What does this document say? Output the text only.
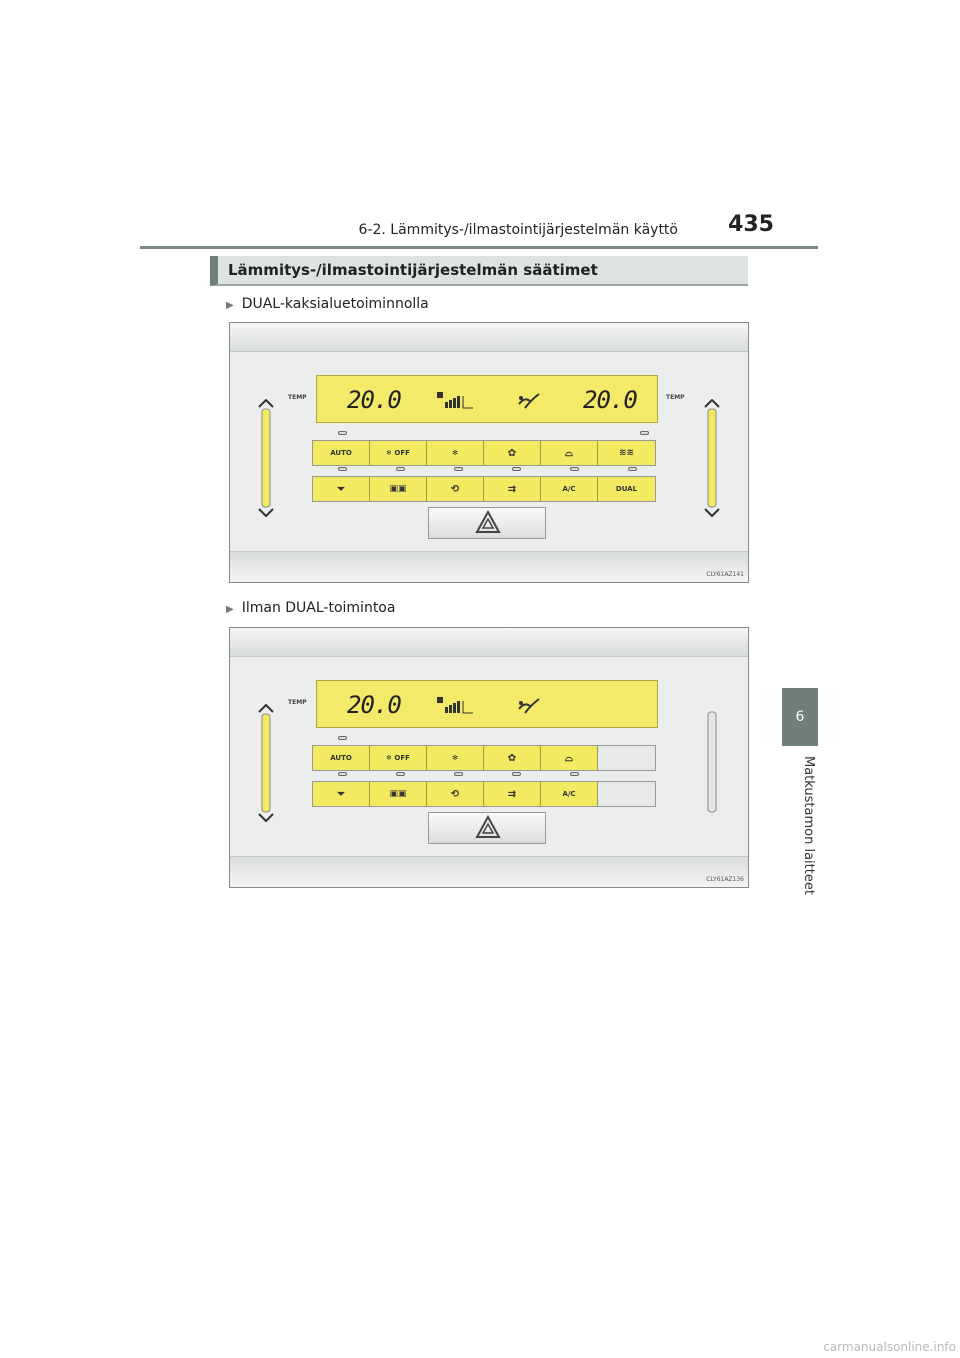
6-2. Lämmitys-/ilmastointijärjestelmän käyttö 435
6
Matkustamon laitteet
Lämmitys-/ilmastointijärjestelmän säätimet
▶ DUAL-kaksialuetoiminnolla
TEMP	TEMP
20.0	20.0
AUTO	❄ OFF	✻	✿	⌓	≋≋
⏷	▣▣	⟲	⇉	A/C	DUAL
CLY61AZ141
▶ Ilman DUAL-toimintoa
TEMP 20.0
AUTO	❄ OFF	✻	✿	⌓
⏷	▣▣	⟲	⇉	A/C
CLY61AZ136
carmanualsonline.info
